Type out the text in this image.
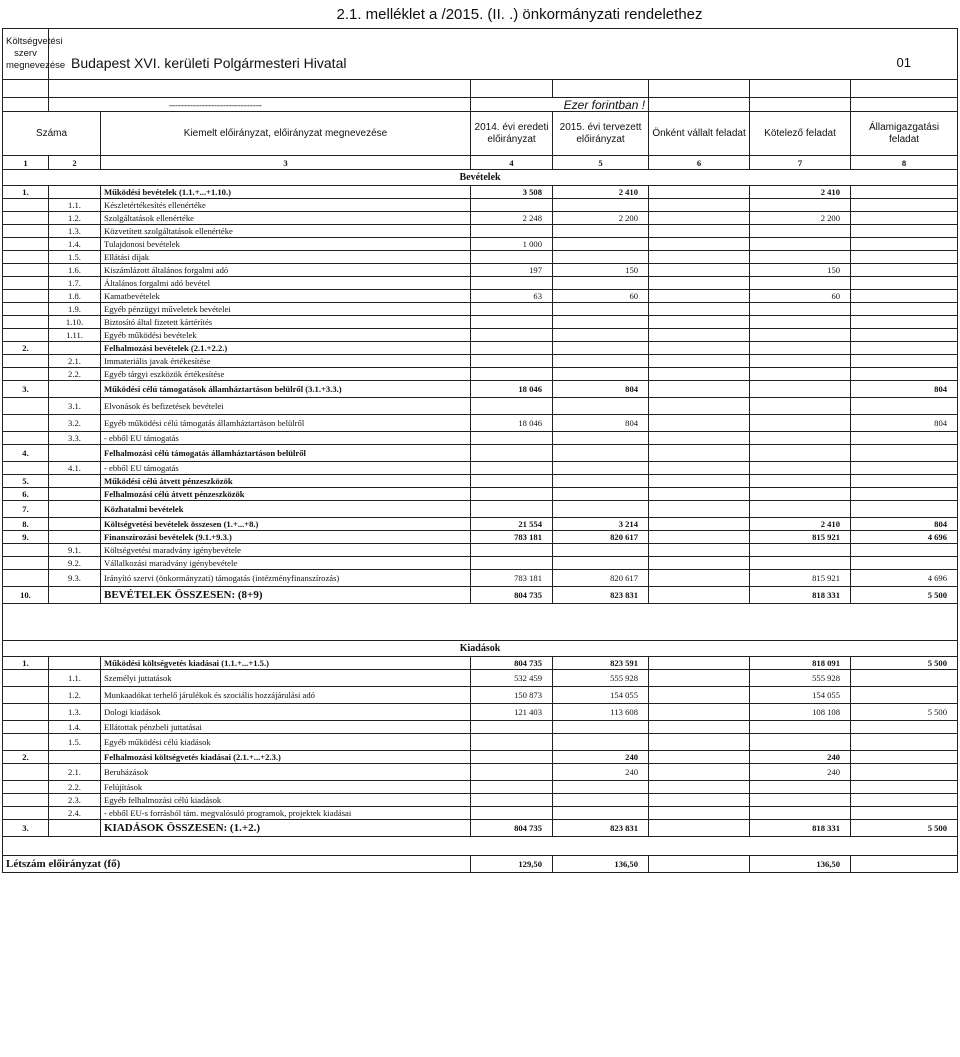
2.1. melléklet a /2015. (II. .) önkormányzati rendelethez
Költségvetési szerv megnevezése	Budapest XVI. kerületi Polgármesteri Hivatal						01

	-------------------------------		Ezer forintban !				
Száma		Kiemelt előirányzat, előirányzat megnevezése	2014. évi eredeti előirányzat	2015. évi tervezett előirányzat	Önként vállalt feladat	Kötelező feladat	Államigazgatási feladat
1	2	3	4	5	6	7	8
Bevételek							
1.		Működési bevételek (1.1.+...+1.10.)	3 508	2 410		2 410	
	1.1.	Készletértékesítés ellenértéke					
	1.2.	Szolgáltatások ellenértéke	2 248	2 200		2 200	
	1.3.	Közvetített szolgáltatások ellenértéke					
	1.4.	Tulajdonosi bevételek	1 000				
	1.5.	Ellátási díjak					
	1.6.	Kiszámlázott általános forgalmi adó	197	150		150	
	1.7.	Általános forgalmi adó bevétel					
	1.8.	Kamatbevételek	63	60		60	
	1.9.	Egyéb pénzügyi műveletek bevételei					
	1.10.	Biztosító által fizetett kártérítés					
	1.11.	Egyéb működési bevételek					
2.		Felhalmozási bevételek (2.1.+2.2.)					
	2.1.	Immateriális javak értékesítése					
	2.2.	Egyéb tárgyi eszközök értékesítése					
3.		Működési célú támogatások államháztartáson belülről (3.1.+3.3.)	18 046	804			804
	3.1.	Elvonások és befizetések bevételei					
	3.2.	Egyéb működési célú támogatás államháztartáson belülről	18 046	804			804
	3.3.	- ebből EU támogatás					
4.		Felhalmozási célú támogatás államháztartáson belülről					
	4.1.	- ebből EU támogatás					
5.		Működési célú átvett pénzeszközök					
6.		Felhalmozási célú átvett pénzeszközök					
7.		Közhatalmi bevételek					
8.		Költségvetési bevételek összesen (1.+...+8.)	21 554	3 214		2 410	804
9.		Finanszírozási bevételek (9.1.+9.3.)	783 181	820 617		815 921	4 696
	9.1.	Költségvetési maradvány igénybevétele					
	9.2.	Vállalkozási maradvány igénybevétele					
	9.3.	Irányító szervi (önkormányzati) támogatás (intézményfinanszírozás)	783 181	820 617		815 921	4 696
10.		BEVÉTELEK ÖSSZESEN: (8+9)	804 735	823 831		818 331	5 500

Kiadások							
1.		Működési költségvetés kiadásai (1.1.+...+1.5.)	804 735	823 591		818 091	5 500
	1.1.	Személyi juttatások	532 459	555 928		555 928	
	1.2.	Munkaadókat terhelő járulékok és szociális hozzájárulási adó	150 873	154 055		154 055	
	1.3.	Dologi kiadások	121 403	113 608		108 108	5 500
	1.4.	Ellátottak pénzbeli juttatásai					
	1.5.	Egyéb működési célú kiadások					
2.		Felhalmozási költségvetés kiadásai (2.1.+...+2.3.)		240		240	
	2.1.	Beruházások		240		240	
	2.2.	Felújítások					
	2.3.	Egyéb felhalmozási célú kiadások					
	2.4.	- ebből EU-s forrásból tám. megvalósuló programok, projektek kiadásai					
3.		KIADÁSOK ÖSSZESEN: (1.+2.)	804 735	823 831		818 331	5 500

Létszám előirányzat (fő)			129,50	136,50		136,50	
